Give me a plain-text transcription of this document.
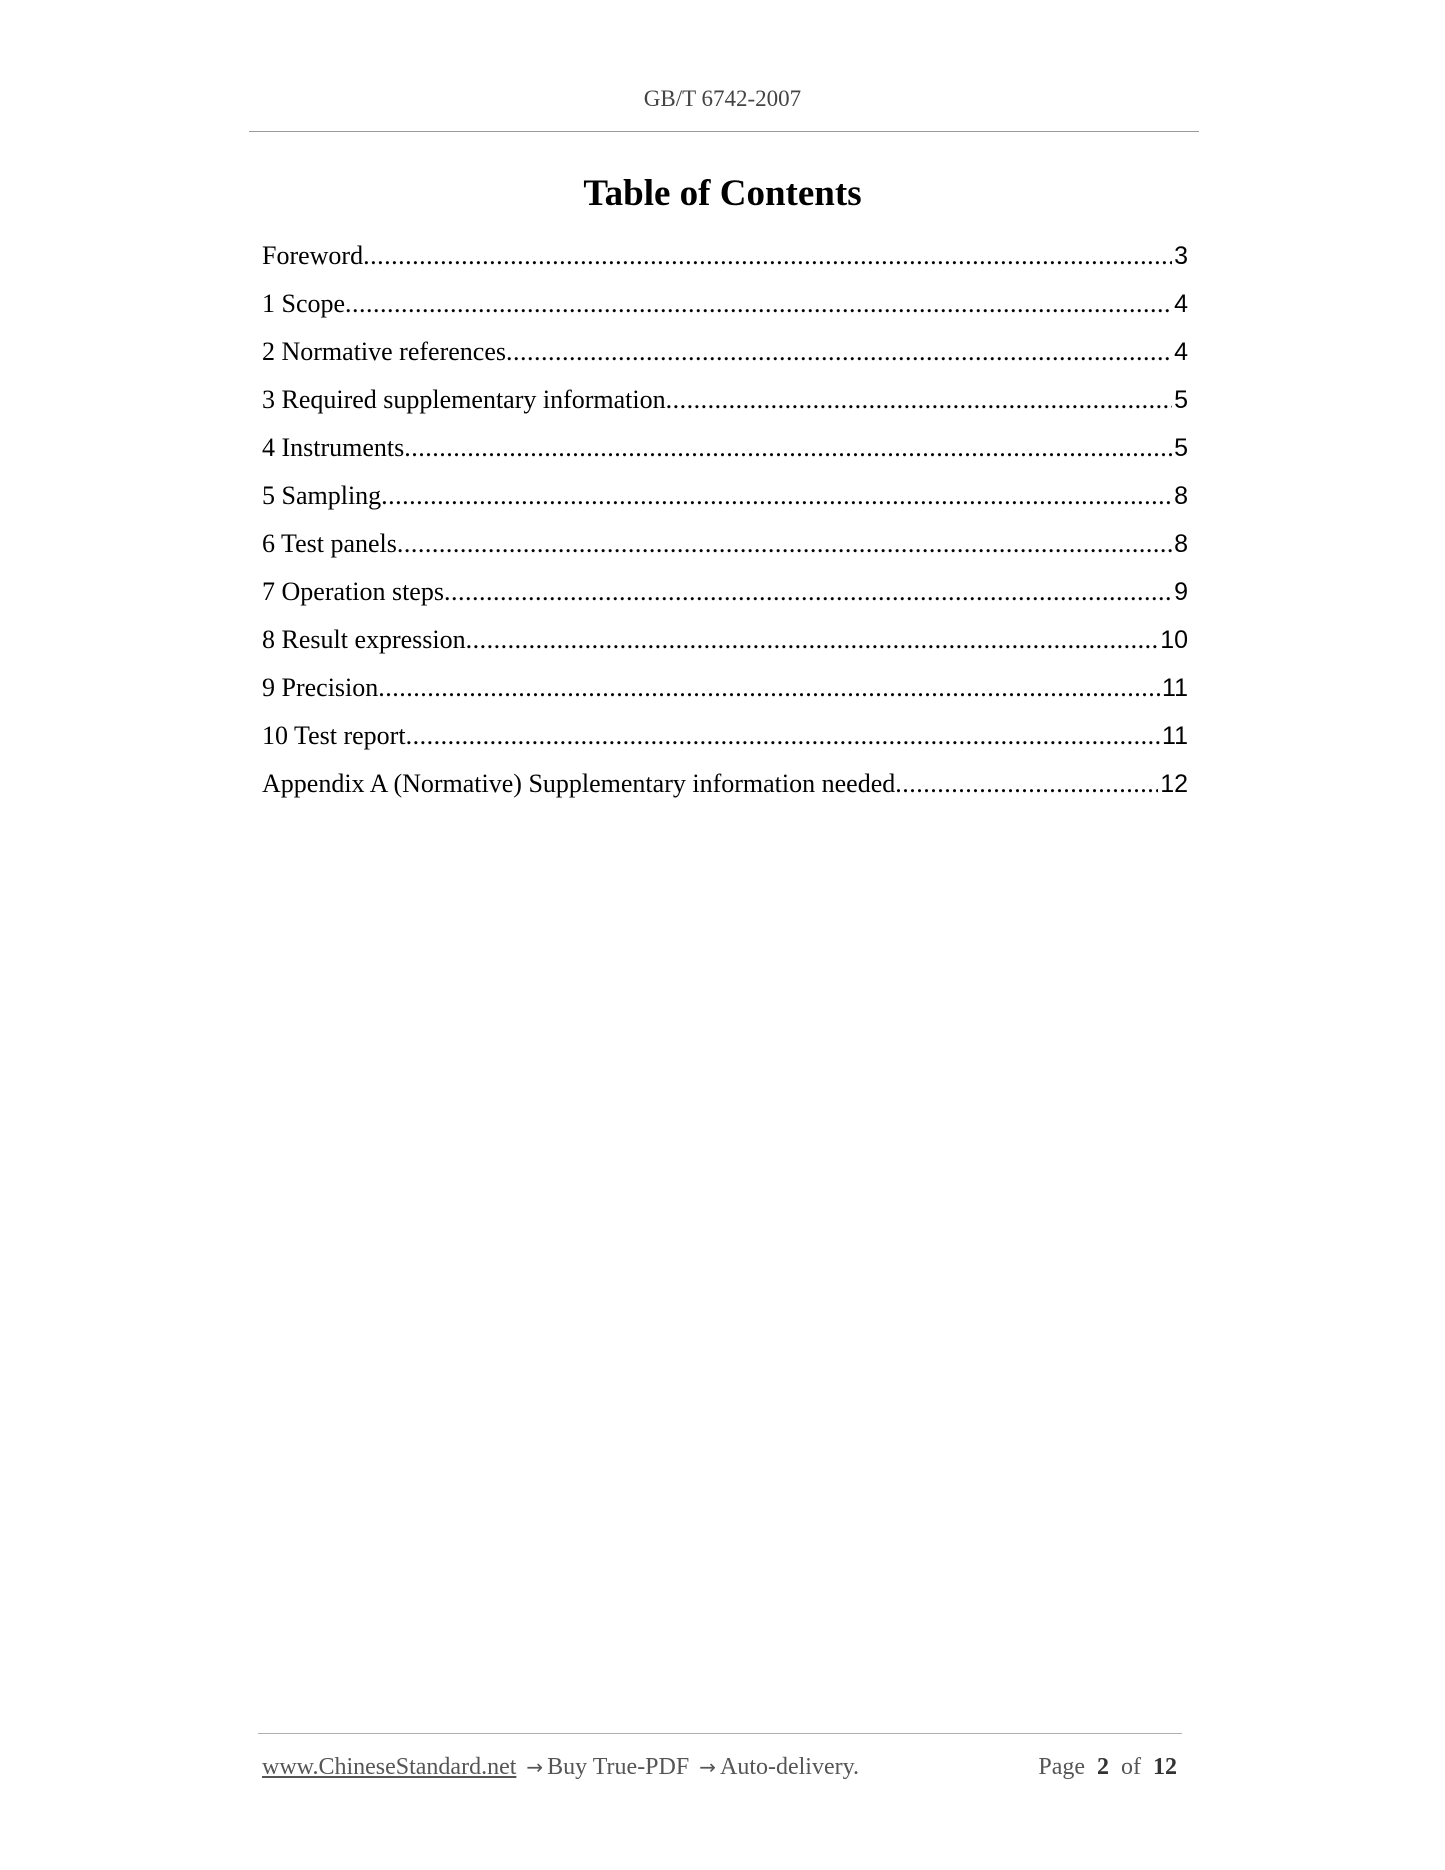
GB/T 6742-2007
Table of Contents
Foreword .....	3
1 Scope .....	4
2 Normative references .....	4
3 Required supplementary information .....	5
4 Instruments .....	5
5 Sampling .....	8
6 Test panels .....	8
7 Operation steps .....	9
8 Result expression .....	10
9 Precision .....	11
10 Test report .....	11
Appendix A (Normative) Supplementary information needed .....	12
www.ChineseStandard.net → Buy True-PDF → Auto-delivery.	Page 2 of 12
